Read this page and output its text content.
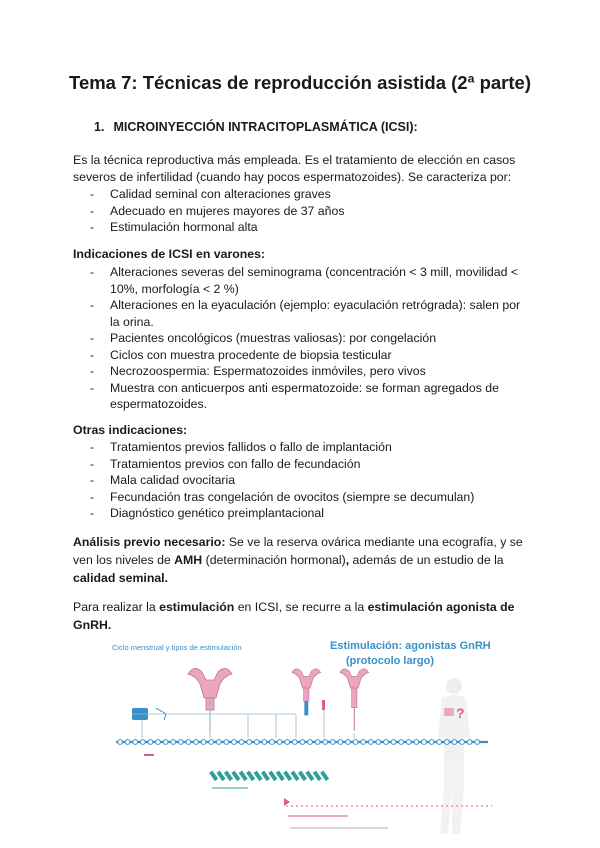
Tema 7: Técnicas de reproducción asistida (2ª parte)
1. MICROINYECCIÓN INTRACITOPLASMÁTICA (ICSI):
Es la técnica reproductiva más empleada. Es el tratamiento de elección en casos severos de infertilidad (cuando hay pocos espermatozoides). Se caracteriza por:
- Calidad seminal con alteraciones graves
- Adecuado en mujeres mayores de 37 años
- Estimulación hormonal alta
Indicaciones de ICSI en varones:
- Alteraciones severas del seminograma (concentración < 3 mill, movilidad < 10%, morfología < 2 %)
- Alteraciones en la eyaculación (ejemplo: eyaculación retrógrada): salen por la orina.
- Pacientes oncológicos (muestras valiosas): por congelación
- Ciclos con muestra procedente de biopsia testicular
- Necrozoospermia: Espermatozoides inmóviles, pero vivos
- Muestra con anticuerpos anti espermatozoide: se forman agregados de espermatozoides.
Otras indicaciones:
- Tratamientos previos fallidos o fallo de implantación
- Tratamientos previos con fallo de fecundación
- Mala calidad ovocitaria
- Fecundación tras congelación de ovocitos (siempre se decumulan)
- Diagnóstico genético preimplantacional
Análisis previo necesario: Se ve la reserva ovárica mediante una ecografía, y se ven los niveles de AMH (determinación hormonal), además de un estudio de la calidad seminal.
Para realizar la estimulación en ICSI, se recurre a la estimulación agonista de GnRH.
Ciclo menstrual y tipos de estimulación	Estimulación: agonistas GnRH
(protocolo largo)
?
